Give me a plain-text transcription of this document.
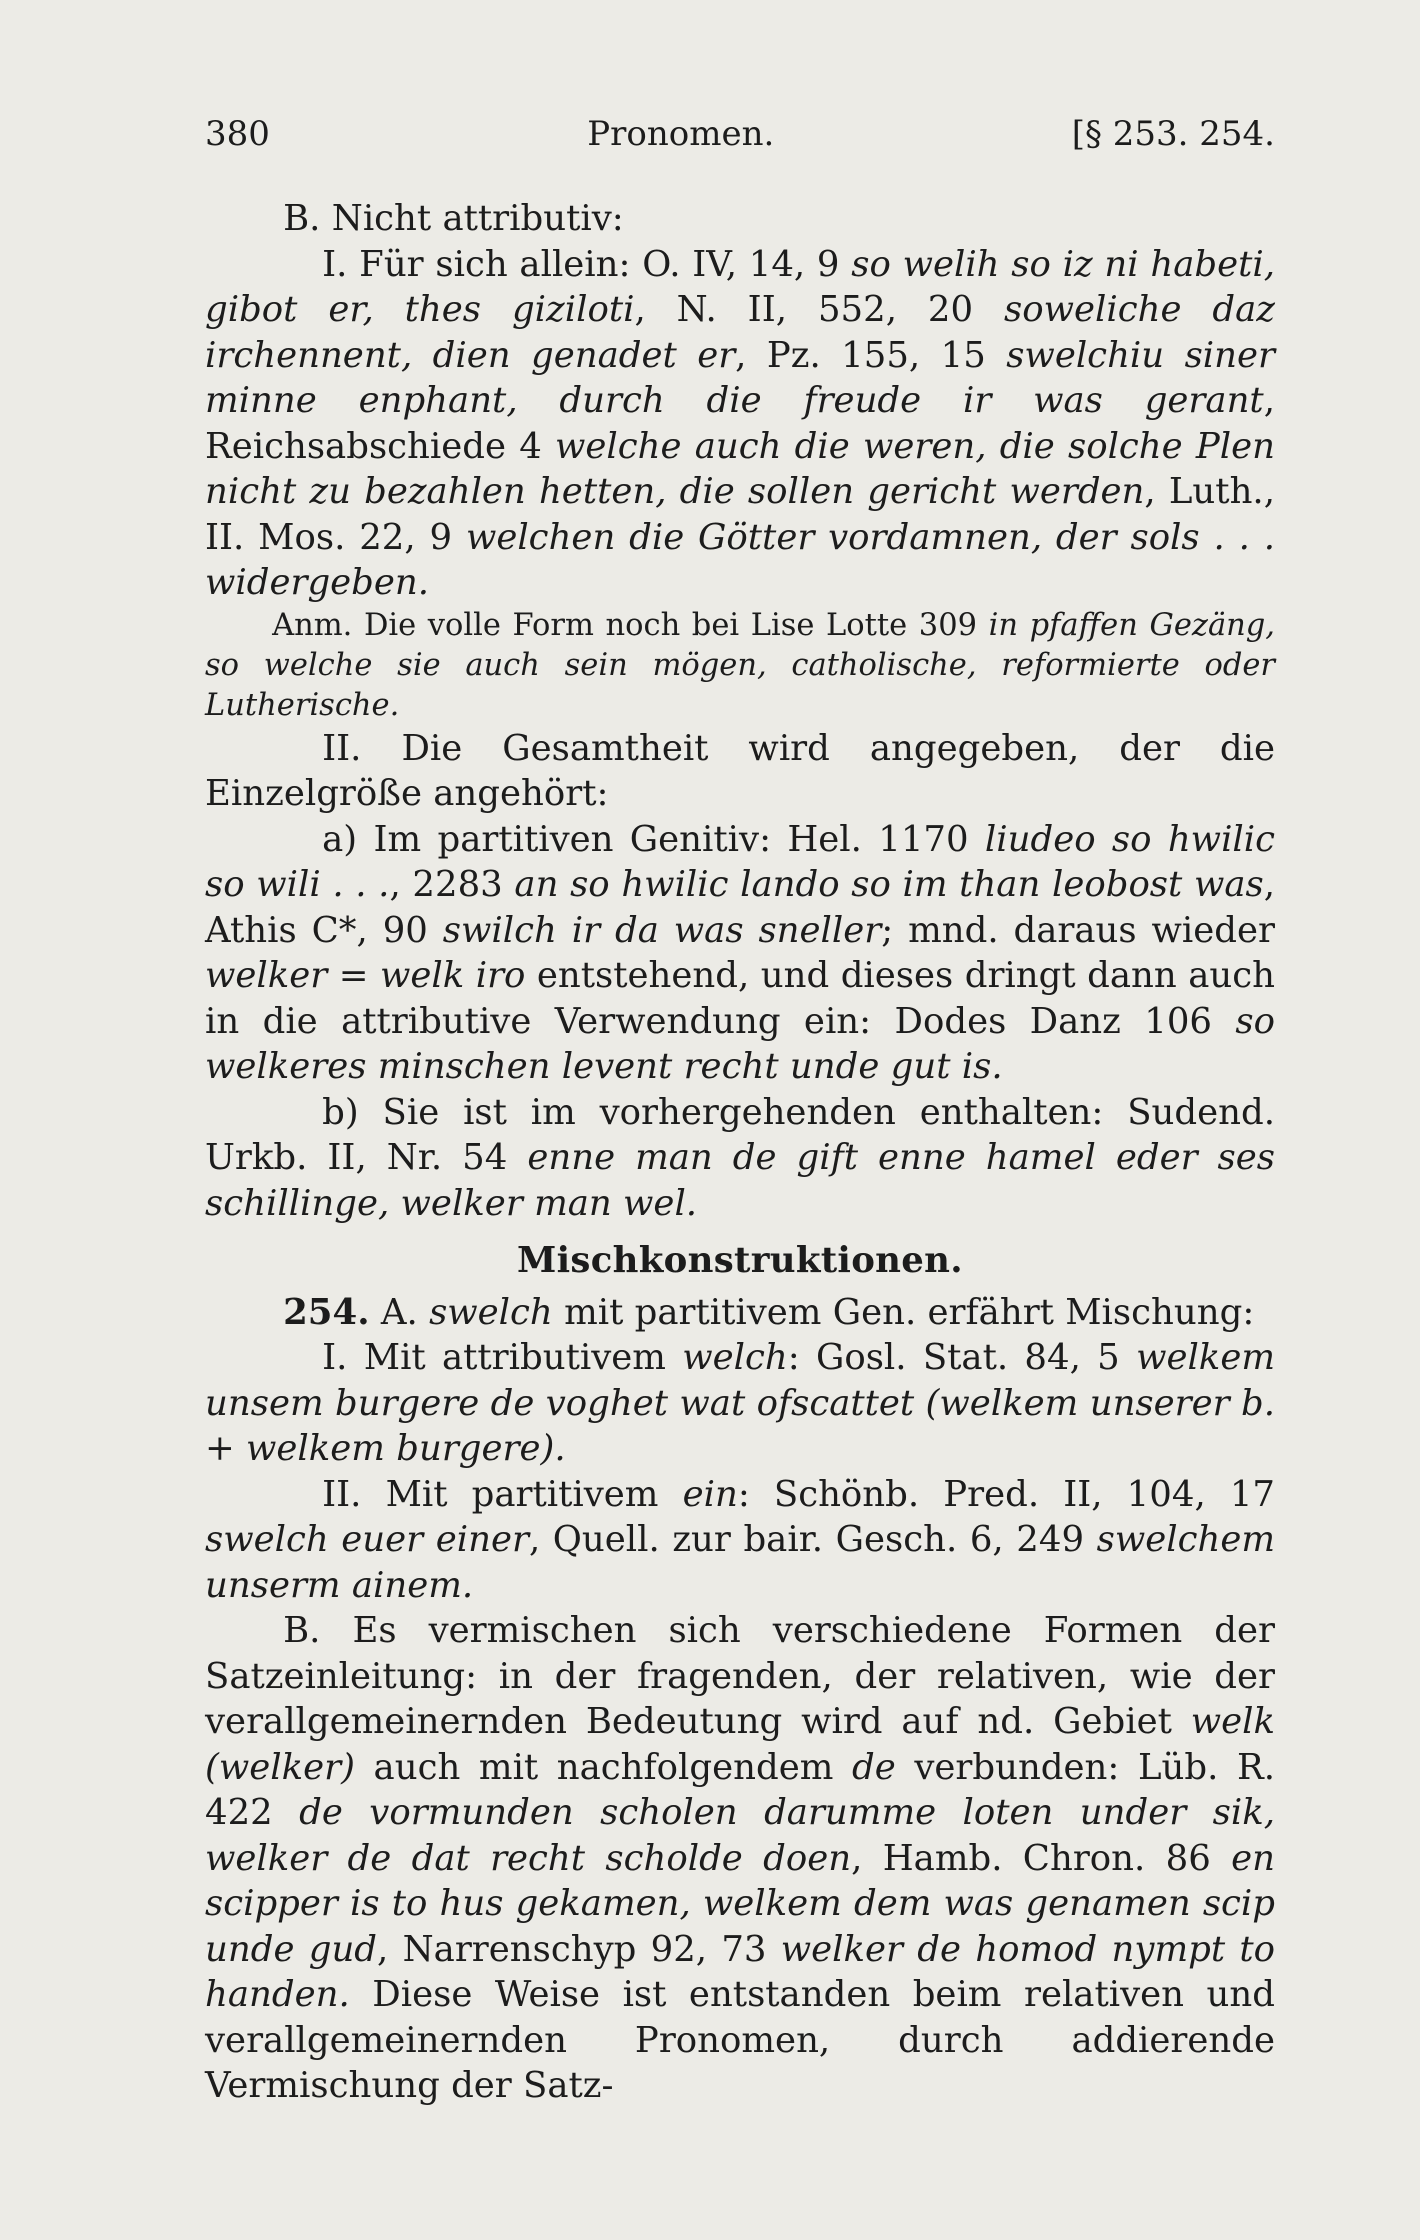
380	Pronomen.	[§ 253. 254.

B. Nicht attributiv:

I. Für sich allein: O. IV, 14, 9 so welih so iz ni habeti, gibot er, thes giziloti, N. II, 552, 20 soweliche daz irchennent, dien genadet er, Pz. 155, 15 swelchiu siner minne enphant, durch die freude ir was gerant, Reichsabschiede 4 welche auch die weren, die solche Plen nicht zu bezahlen hetten, die sollen gericht werden, Luth., II. Mos. 22, 9 welchen die Götter vordamnen, der sols . . . widergeben.

Anm. Die volle Form noch bei Lise Lotte 309 in pfaffen Gezäng, so welche sie auch sein mögen, catholische, reformierte oder Lutherische.

II. Die Gesamtheit wird angegeben, der die Einzelgröße angehört:

a) Im partitiven Genitiv: Hel. 1170 liudeo so hwilic so wili . . ., 2283 an so hwilic lando so im than leobost was, Athis C*, 90 swilch ir da was sneller; mnd. daraus wieder welker = welk iro entstehend, und dieses dringt dann auch in die attributive Verwendung ein: Dodes Danz 106 so welkeres minschen levent recht unde gut is.

b) Sie ist im vorhergehenden enthalten: Sudend. Urkb. II, Nr. 54 enne man de gift enne hamel eder ses schillinge, welker man wel.

Mischkonstruktionen.

254. A. swelch mit partitivem Gen. erfährt Mischung:

I. Mit attributivem welch: Gosl. Stat. 84, 5 welkem unsem burgere de voghet wat ofscattet (welkem unserer b. + welkem burgere).

II. Mit partitivem ein: Schönb. Pred. II, 104, 17 swelch euer einer, Quell. zur bair. Gesch. 6, 249 swelchem unserm ainem.

B. Es vermischen sich verschiedene Formen der Satzeinleitung: in der fragenden, der relativen, wie der verallgemeinernden Bedeutung wird auf nd. Gebiet welk (welker) auch mit nachfolgendem de verbunden: Lüb. R. 422 de vormunden scholen darumme loten under sik, welker de dat recht scholde doen, Hamb. Chron. 86 en scipper is to hus gekamen, welkem dem was genamen scip unde gud, Narrenschyp 92, 73 welker de homod nympt to handen. Diese Weise ist entstanden beim relativen und verallgemeinernden Pronomen, durch addierende Vermischung der Satz-
